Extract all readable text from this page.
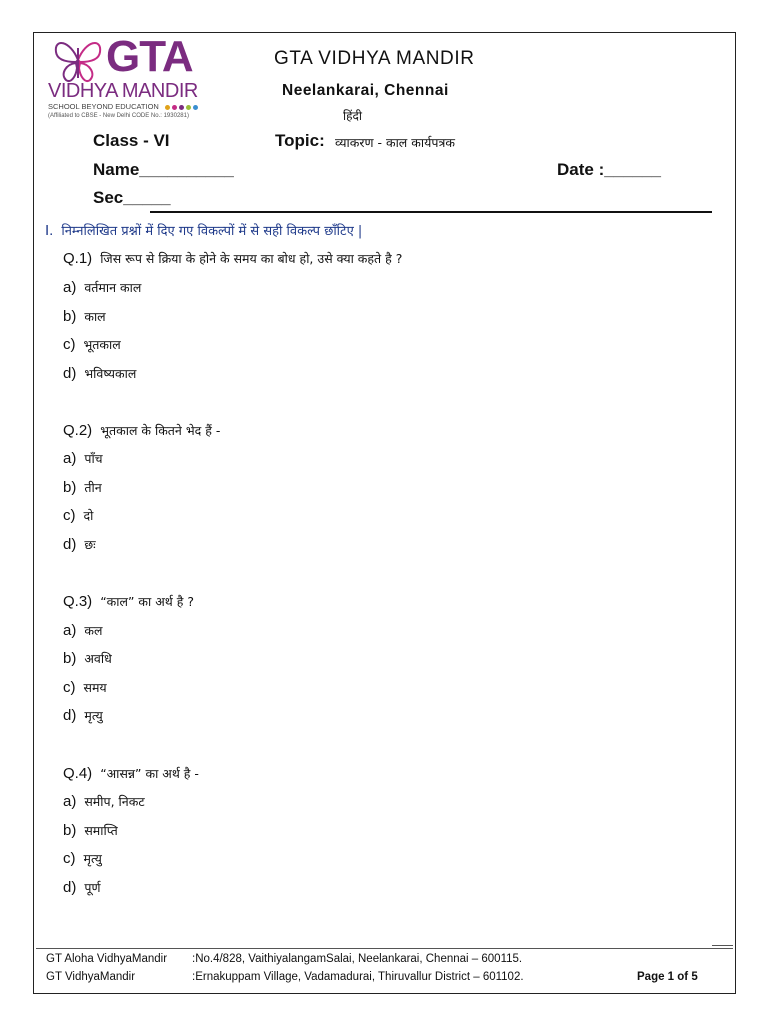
GTA
VIDHYA MANDIR
SCHOOL BEYOND EDUCATION
(Affiliated to CBSE - New Delhi CODE No.: 1930281)
GTA VIDHYA MANDIR
Neelankarai, Chennai
हिंदी
Class - VI	Topic: व्याकरण - काल कार्यपत्रक
Name__________	Date :______
Sec_____
I. निम्नलिखित प्रश्नों में दिए गए विकल्पों में से सही विकल्प छाँटिए |
Q.1) जिस रूप से क्रिया के होने के समय का बोध हो, उसे क्या कहते है ?
a) वर्तमान काल
b) काल
c) भूतकाल
d) भविष्यकाल
Q.2) भूतकाल के कितने भेद हैं -
a) पाँच
b) तीन
c) दो
d) छः
Q.3) “काल” का अर्थ है ?
a) कल
b) अवधि
c) समय
d) मृत्यु
Q.4) “आसन्न” का अर्थ है -
a) समीप, निकट
b) समाप्ति
c) मृत्यु
d) पूर्ण
GT Aloha VidhyaMandir :No.4/828, VaithiyalangamSalai, Neelankarai, Chennai – 600115.
GT VidhyaMandir	:Ernakuppam Village, Vadamadurai, Thiruvallur District – 601102.	Page 1 of 5
